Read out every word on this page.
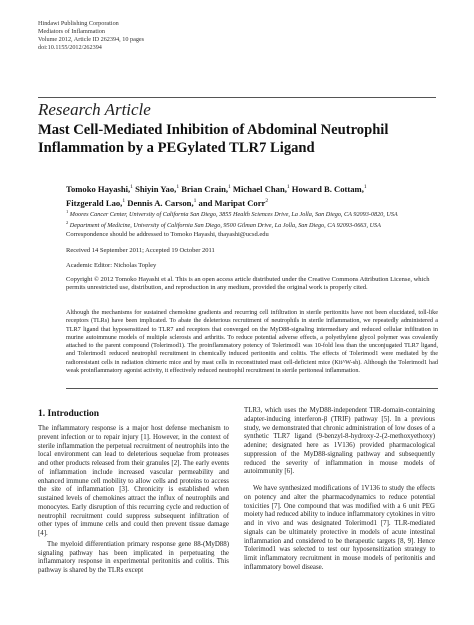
Hindawi Publishing Corporation
Mediators of Inflammation
Volume 2012, Article ID 262394, 10 pages
doi:10.1155/2012/262394
Research Article
Mast Cell-Mediated Inhibition of Abdominal Neutrophil Inflammation by a PEGylated TLR7 Ligand
Tomoko Hayashi,$^1$ Shiyin Yao,$^1$ Brian Crain,$^1$ Michael Chan,$^1$ Howard B. Cottam,$^1$
Fitzgerald Lao,$^1$ Dennis A. Carson,$^1$ and Maripat Corr$^2$
$^1$ Moores Cancer Center, University of California San Diego, 3855 Health Sciences Drive, La Jolla, San Diego, CA 92093-0820, USA
$^2$ Department of Medicine, University of California San Diego, 9500 Gilman Drive, La Jolla, San Diego, CA 92093-0663, USA
Correspondence should be addressed to Tomoko Hayashi, thayashi@ucsd.edu
Received 14 September 2011; Accepted 19 October 2011
Academic Editor: Nicholas Topley
Copyright © 2012 Tomoko Hayashi et al. This is an open access article distributed under the Creative Commons Attribution License, which permits unrestricted use, distribution, and reproduction in any medium, provided the original work is properly cited.
Although the mechanisms for sustained chemokine gradients and recurring cell infiltration in sterile peritonitis have not been elucidated, toll-like receptors (TLRs) have been implicated. To abate the deleterious recruitment of neutrophils in sterile inflammation, we repeatedly administered a TLR7 ligand that hyposensitized to TLR7 and receptors that converged on the MyD88-signaling intermediary and reduced cellular infiltration in murine autoimmune models of multiple sclerosis and arthritis. To reduce potential adverse effects, a polyethylene glycol polymer was covalently attached to the parent compound (Tolerimod1). The proinflammatory potency of Tolerimod1 was 10-fold less than the unconjugated TLR7 ligand, and Tolerimod1 reduced neutrophil recruitment in chemically induced peritonitis and colitis. The effects of Tolerimod1 were mediated by the radioresistant cells in radiation chimeric mice and by mast cells in reconstituted mast cell-deficient mice (Kit^W-sh). Although the Tolerimod1 had weak proinflammatory agonist activity, it effectively reduced neutrophil recruitment in sterile peritoneal inflammation.
1. Introduction

The inflammatory response is a major host defense mechanism to prevent infection or to repair injury [1]. However, in the context of sterile inflammation the perpetual recruitment of neutrophils into the local environment can lead to deleterious sequelae from proteases and other products released from their granules [2]. The early events of inflammation include increased vascular permeability and enhanced immune cell mobility to allow cells and proteins to access the site of inflammation [3]. Chronicity is established when sustained levels of chemokines attract the influx of neutrophils and monocytes. Early disruption of this recurring cycle and reduction of neutrophil recruitment could suppress subsequent infiltration of other types of immune cells and could then prevent tissue damage [4].

The myeloid differentiation primary response gene 88-(MyD88) signaling pathway has been implicated in perpetuating the inflammatory response in experimental peritonitis and colitis. This pathway is shared by the TLRs except

TLR3, which uses the MyD88-independent TIR-domain-containing adapter-inducing interferon-β (TRIF) pathway [5]. In a previous study, we demonstrated that chronic administration of low doses of a synthetic TLR7 ligand (9-benzyl-8-hydroxy-2-(2-methoxyethoxy) adenine; designated here as 1V136) provided pharmacological suppression of the MyD88-signaling pathway and subsequently reduced the severity of inflammation in mouse models of autoimmunity [6].

We have synthesized modifications of 1V136 to study the effects on potency and alter the pharmacodynamics to reduce potential toxicities [7]. One compound that was modified with a 6 unit PEG moiety had reduced ability to induce inflammatory cytokines in vitro and in vivo and was designated Tolerimod1 [7]. TLR-mediated signals can be ultimately protective in models of acute intestinal inflammation and considered to be therapeutic targets [8, 9]. Hence Tolerimod1 was selected to test our hyposensitization strategy to limit inflammatory recruitment in mouse models of peritonitis and inflammatory bowel disease.
